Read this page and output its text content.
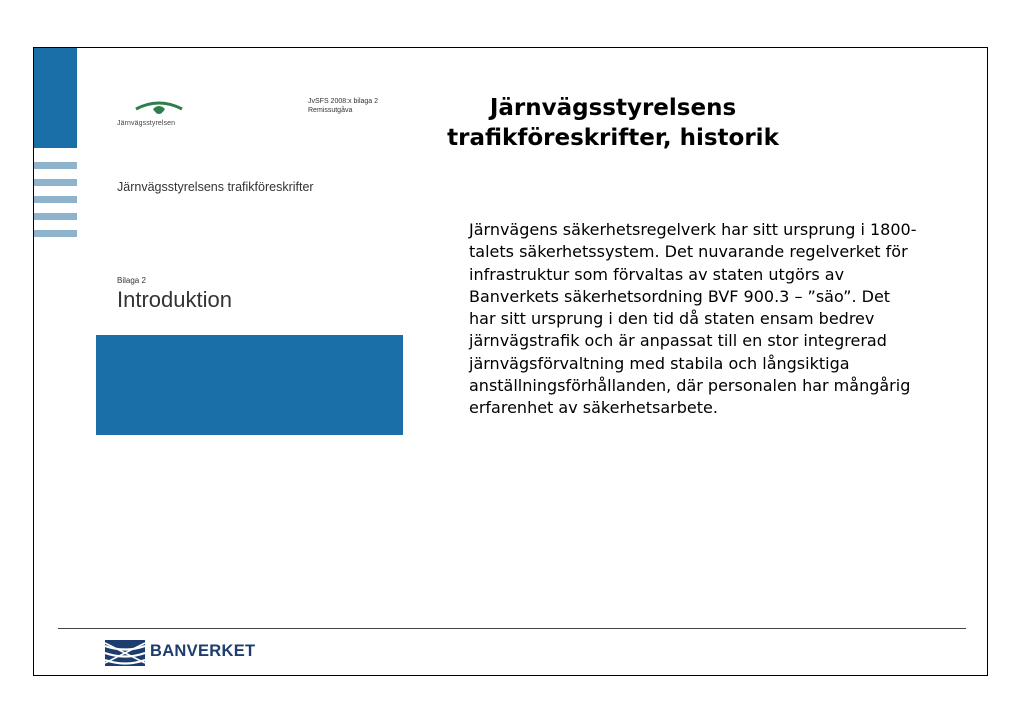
Järnvägsstyrelsen
JvSFS 2008:x bilaga 2
Remissutgåva
Järnvägsstyrelsens trafikföreskrifter
Bilaga 2
Introduktion
Järnvägsstyrelsens trafikföreskrifter, historik
Järnvägens säkerhetsregelverk har sitt ursprung i 1800-talets säkerhetssystem. Det nuvarande regelverket för infrastruktur som förvaltas av staten utgörs av Banverkets säkerhetsordning BVF 900.3 – ”säo”. Det har sitt ursprung i den tid då staten ensam bedrev järnvägstrafik och är anpassat till en stor integrerad järnvägsförvaltning med stabila och långsiktiga anställningsförhållanden, där personalen har mångårig erfarenhet av säkerhetsarbete.
BANVERKET
